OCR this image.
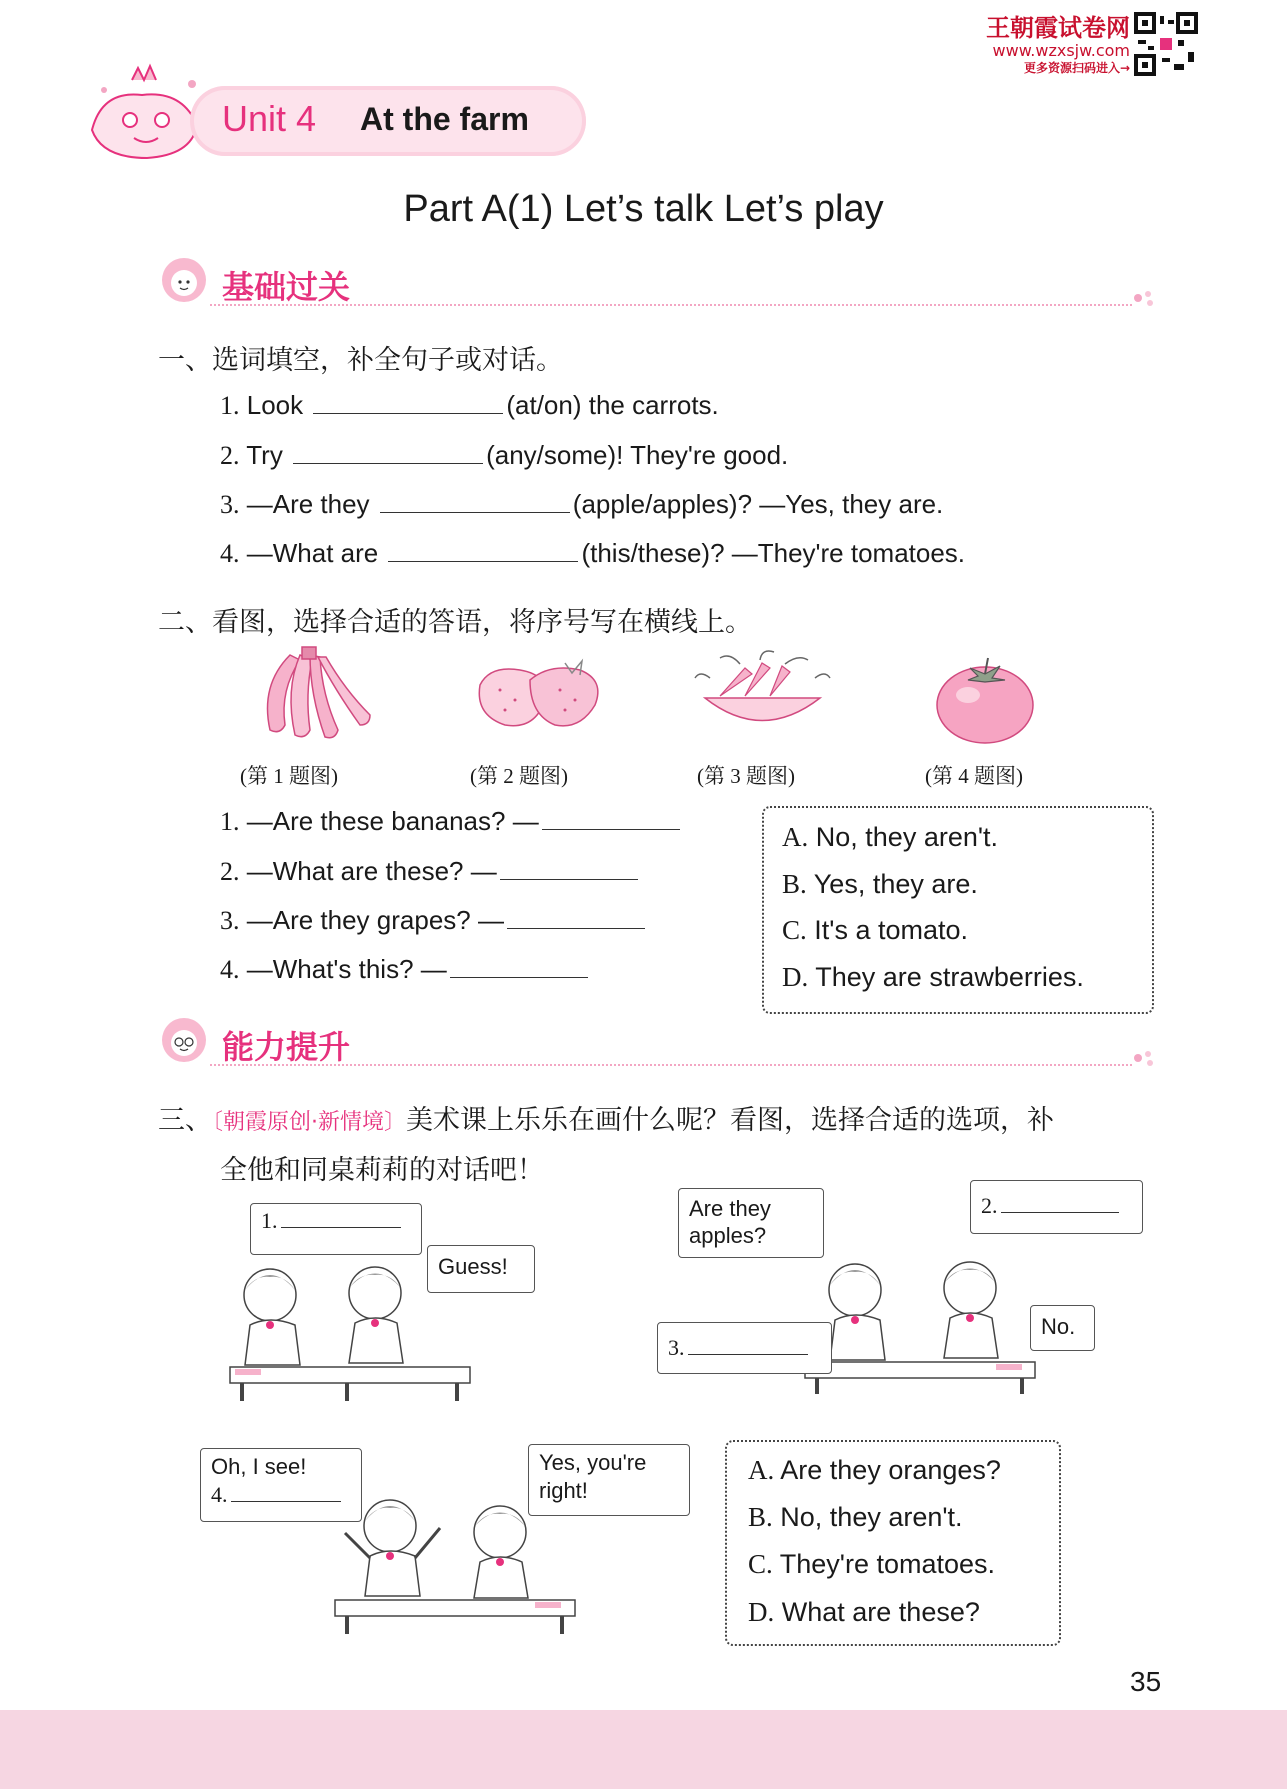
王朝霞试卷网
www.wzxsjw.com
更多资源扫码进入→
Unit 4 At the farm
Part A(1) Let’s talk Let’s play
基础过关
一、选词填空，补全句子或对话。
1. Look	(at/on) the carrots.
2. Try	(any/some)! They're good.
3. —Are they	(apple/apples)? —Yes, they are.
4. —What are	(this/these)? —They're tomatoes.
二、看图，选择合适的答语，将序号写在横线上。
(第 1 题图)	(第 2 题图)	(第 3 题图)	(第 4 题图)
1. —Are these bananas? —
2. —What are these? —
3. —Are they grapes? —
4. —What's this? —
A. No, they aren't.
B. Yes, they are.
C. It's a tomato.
D. They are strawberries.
能力提升
三、〔朝霞原创·新情境〕美术课上乐乐在画什么呢？看图，选择合适的选项，补
全他和同桌莉莉的对话吧！
1.
Guess!
Are they apples?
2.
No.
3.
Oh, I see!
4.
Yes, you're right!
A. Are they oranges?
B. No, they aren't.
C. They're tomatoes.
D. What are these?
35
